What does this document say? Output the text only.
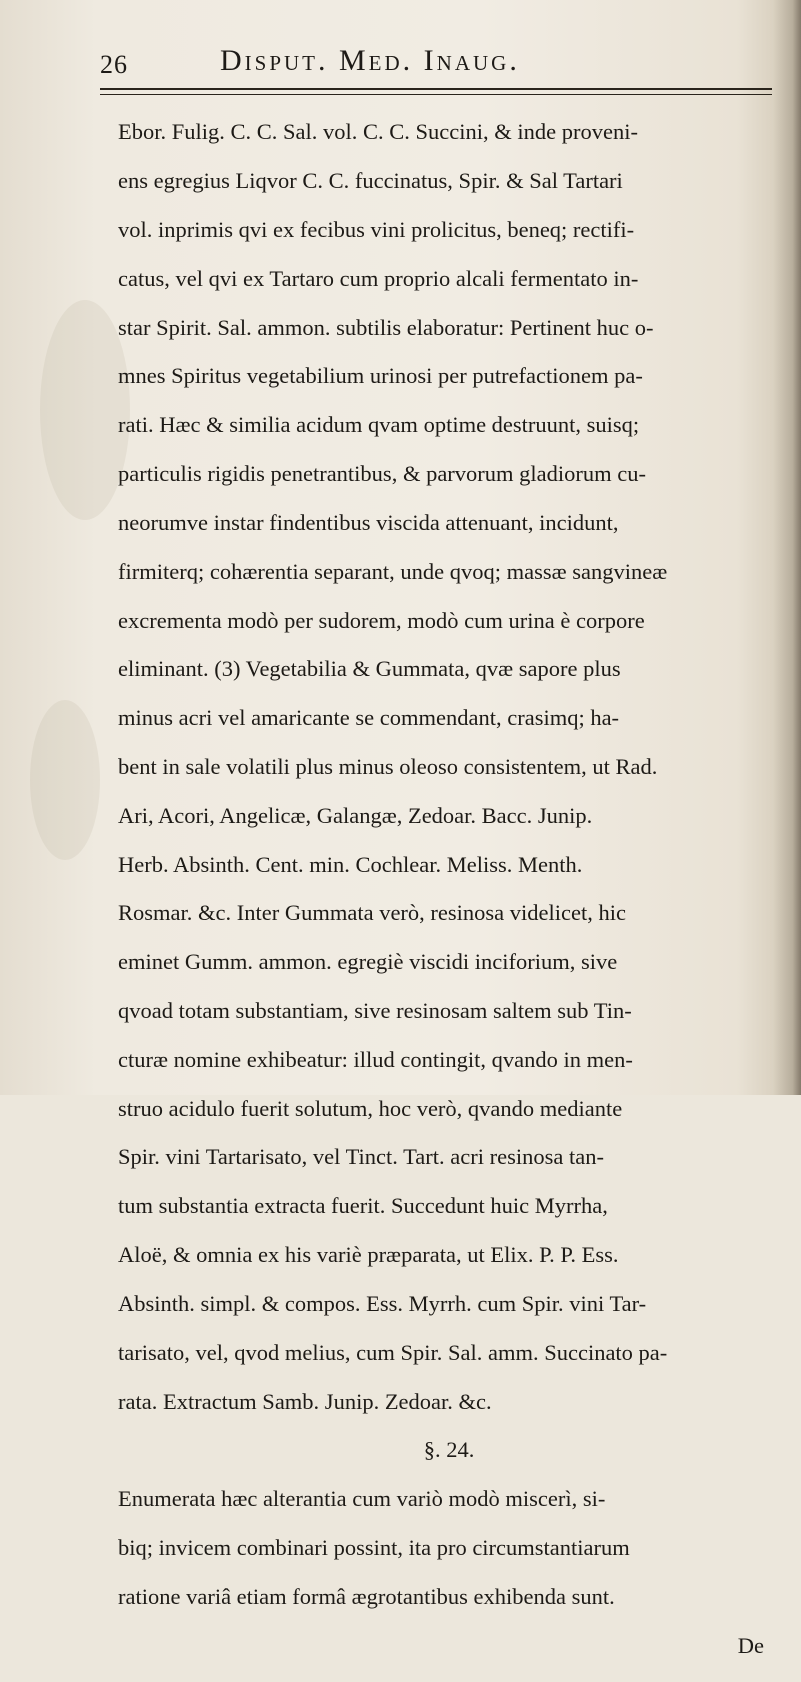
26	Disput. Med. Inaug.

Ebor. Fulig. C. C. Sal. vol. C. C. Succini, & inde proveni-

ens egregius Liqvor C. C. fuccinatus, Spir. & Sal Tartari

vol. inprimis qvi ex fecibus vini prolicitus, beneq; rectifi-

catus, vel qvi ex Tartaro cum proprio alcali fermentato in-

star Spirit. Sal. ammon. subtilis elaboratur: Pertinent huc o-

mnes Spiritus vegetabilium urinosi per putrefactionem pa-

rati. Hæc & similia acidum qvam optime destruunt, suisq;

particulis rigidis penetrantibus, & parvorum gladiorum cu-

neorumve instar findentibus viscida attenuant, incidunt,

firmiterq; cohærentia separant, unde qvoq; massæ sangvineæ

excrementa modò per sudorem, modò cum urina è corpore

eliminant. (3) Vegetabilia & Gummata, qvæ sapore plus

minus acri vel amaricante se commendant, crasimq; ha-

bent in sale volatili plus minus oleoso consistentem, ut Rad.

Ari, Acori, Angelicæ, Galangæ, Zedoar. Bacc. Junip.

Herb. Absinth. Cent. min. Cochlear. Meliss. Menth.

Rosmar. &c. Inter Gummata verò, resinosa videlicet, hic

eminet Gumm. ammon. egregiè viscidi inciforium, sive

qvoad totam substantiam, sive resinosam saltem sub Tin-

cturæ nomine exhibeatur: illud contingit, qvando in men-

struo acidulo fuerit solutum, hoc verò, qvando mediante

Spir. vini Tartarisato, vel Tinct. Tart. acri resinosa tan-

tum substantia extracta fuerit. Succedunt huic Myrrha,

Aloë, & omnia ex his variè præparata, ut Elix. P. P. Ess.

Absinth. simpl. & compos. Ess. Myrrh. cum Spir. vini Tar-

tarisato, vel, qvod melius, cum Spir. Sal. amm. Succinato pa-

rata. Extractum Samb. Junip. Zedoar. &c.

§. 24.

Enumerata hæc alterantia cum variò modò miscerì, si-

biq; invicem combinari possint, ita pro circumstantiarum

ratione variâ etiam formâ ægrotantibus exhibenda sunt.

De
